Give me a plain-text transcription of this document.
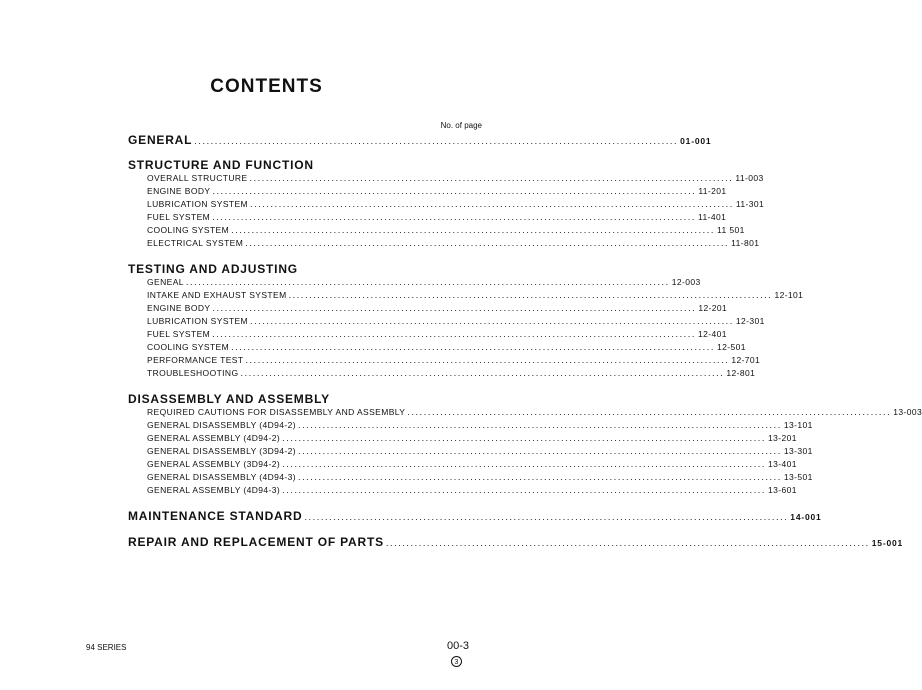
CONTENTS
No. of page
GENERAL ...................................................................................................................... 01-001
STRUCTURE AND FUNCTION
OVERALL STRUCTURE ...................................................................................................................... 11-003
ENGINE BODY ...................................................................................................................... 11-201
LUBRICATION SYSTEM ...................................................................................................................... 11-301
FUEL SYSTEM ...................................................................................................................... 11-401
COOLING SYSTEM ...................................................................................................................... 11 501
ELECTRICAL SYSTEM ...................................................................................................................... 11-801
TESTING AND ADJUSTING
GENEAL ...................................................................................................................... 12-003
INTAKE AND EXHAUST SYSTEM ...................................................................................................................... 12-101
ENGINE BODY ...................................................................................................................... 12-201
LUBRICATION SYSTEM ...................................................................................................................... 12-301
FUEL SYSTEM ...................................................................................................................... 12-401
COOLING SYSTEM ...................................................................................................................... 12-501
PERFORMANCE TEST ...................................................................................................................... 12-701
TROUBLESHOOTING ...................................................................................................................... 12-801
DISASSEMBLY AND ASSEMBLY
REQUIRED CAUTIONS FOR DISASSEMBLY AND ASSEMBLY ...................................................................................................................... 13-003
GENERAL DISASSEMBLY (4D94-2) ...................................................................................................................... 13-101
GENERAL ASSEMBLY (4D94-2) ...................................................................................................................... 13-201
GENERAL DISASSEMBLY (3D94-2) ...................................................................................................................... 13-301
GENERAL ASSEMBLY (3D94-2) ...................................................................................................................... 13-401
GENERAL DISASSEMBLY (4D94-3) ...................................................................................................................... 13-501
GENERAL ASSEMBLY (4D94-3) ...................................................................................................................... 13-601
MAINTENANCE STANDARD ...................................................................................................................... 14-001
REPAIR AND REPLACEMENT OF PARTS ...................................................................................................................... 15-001
94 SERIES	00-3
3
